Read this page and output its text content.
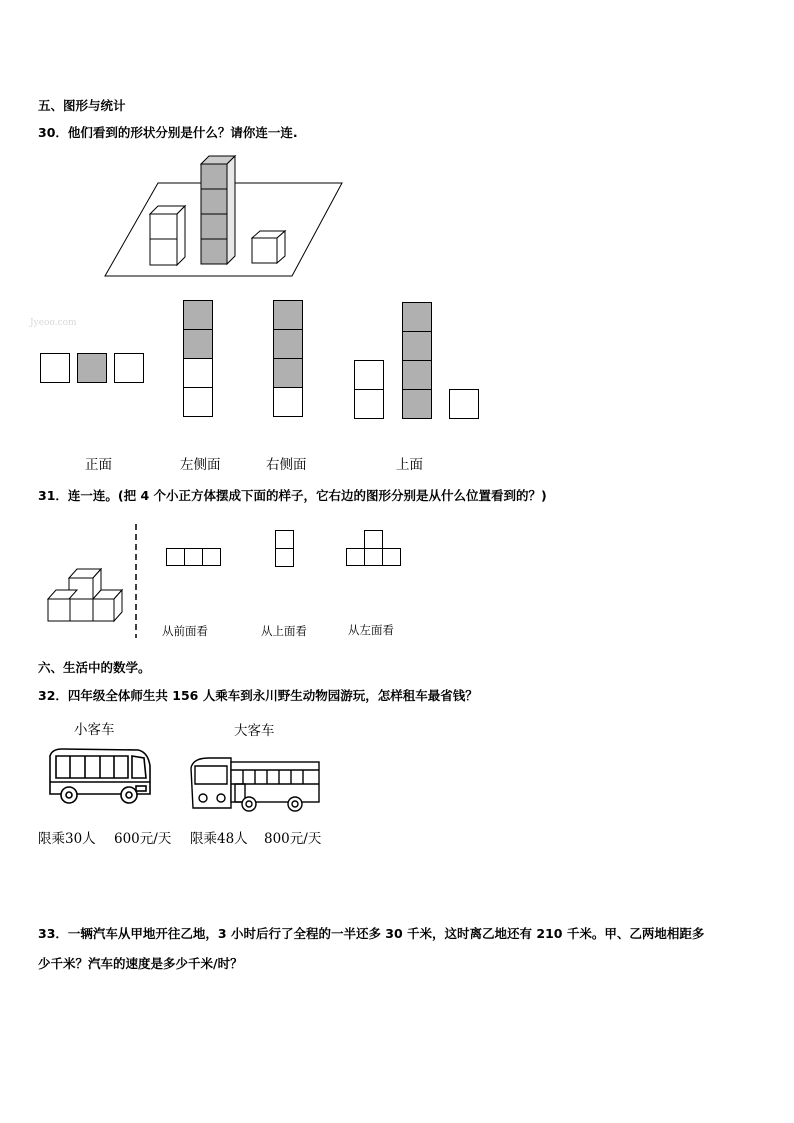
五、图形与统计
30．他们看到的形状分别是什么？请你连一连.
Jyeoo.com
正面	左侧面	右侧面	上面
31．连一连。(把 4 个小正方体摆成下面的样子，它右边的图形分别是从什么位置看到的？)
从前面看	从上面看	从左面看
六、生活中的数学。
32．四年级全体师生共 156 人乘车到永川野生动物园游玩，怎样租车最省钱？
小客车	大客车
限乘30人 600元/天 限乘48人 800元/天
33．一辆汽车从甲地开往乙地，3 小时后行了全程的一半还多 30 千米，这时离乙地还有 210 千米。甲、乙两地相距多
少千米？汽车的速度是多少千米/时？
